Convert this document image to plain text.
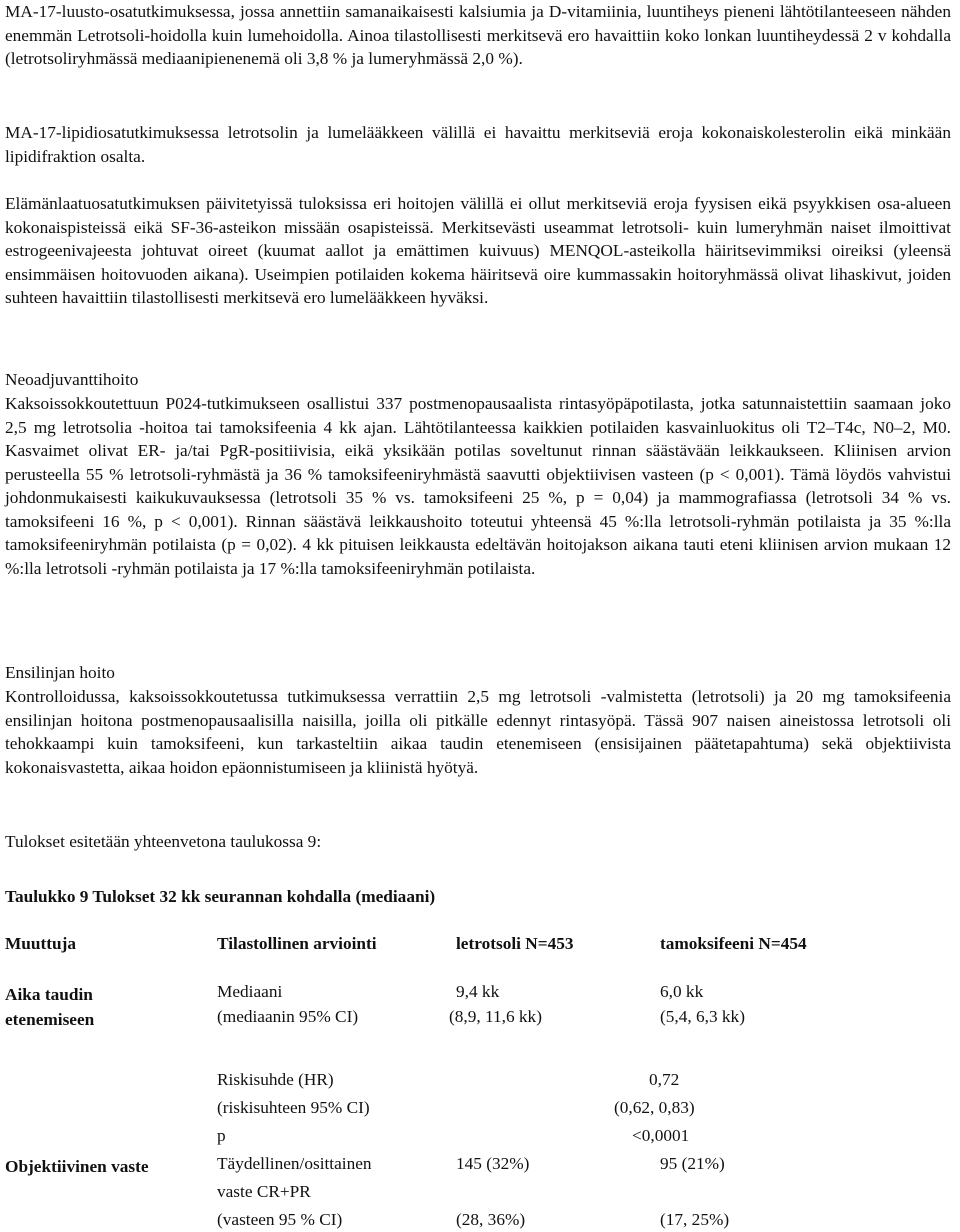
MA-17-luusto-osatutkimuksessa, jossa annettiin samanaikaisesti kalsiumia ja D-vitamiinia, luuntiheys pieneni lähtötilanteeseen nähden enemmän Letrotsoli-hoidolla kuin lumehoidolla. Ainoa tilastollisesti merkitsevä ero havaittiin koko lonkan luuntiheydessä 2 v kohdalla (letrotsoliryhmässä mediaanipienenemä oli 3,8 % ja lumeryhmässä 2,0 %).

MA-17-lipidiosatutkimuksessa letrotsolin ja lumelääkkeen välillä ei havaittu merkitseviä eroja kokonaiskolesterolin eikä minkään lipidifraktion osalta.

Elämänlaatuosatutkimuksen päivitetyissä tuloksissa eri hoitojen välillä ei ollut merkitseviä eroja fyysisen eikä psyykkisen osa-alueen kokonaispisteissä eikä SF-36-asteikon missään osapisteissä. Merkitsevästi useammat letrotsoli- kuin lumeryhmän naiset ilmoittivat estrogeenivajeesta johtuvat oireet (kuumat aallot ja emättimen kuivuus) MENQOL-asteikolla häiritsevimmiksi oireiksi (yleensä ensimmäisen hoitovuoden aikana). Useimpien potilaiden kokema häiritsevä oire kummassakin hoitoryhmässä olivat lihaskivut, joiden suhteen havaittiin tilastollisesti merkitsevä ero lumelääkkeen hyväksi.

Neoadjuvanttihoito

Kaksoissokkoutettuun P024-tutkimukseen osallistui 337 postmenopausaalista rintasyöpäpotilasta, jotka satunnaistettiin saamaan joko 2,5 mg letrotsolia -hoitoa tai tamoksifeenia 4 kk ajan. Lähtötilanteessa kaikkien potilaiden kasvainluokitus oli T2–T4c, N0–2, M0. Kasvaimet olivat ER- ja/tai PgR-positiivisia, eikä yksikään potilas soveltunut rinnan säästävään leikkaukseen. Kliinisen arvion perusteella 55 % letrotsoli-ryhmästä ja 36 % tamoksifeeniryhmästä saavutti objektiivisen vasteen (p < 0,001). Tämä löydös vahvistui johdonmukaisesti kaikukuvauksessa (letrotsoli 35 % vs. tamoksifeeni 25 %, p = 0,04) ja mammografiassa (letrotsoli 34 % vs. tamoksifeeni 16 %, p < 0,001). Rinnan säästävä leikkaushoito toteutui yhteensä 45 %:lla letrotsoli-ryhmän potilaista ja 35 %:lla tamoksifeeniryhmän potilaista (p = 0,02). 4 kk pituisen leikkausta edeltävän hoitojakson aikana tauti eteni kliinisen arvion mukaan 12 %:lla letrotsoli -ryhmän potilaista ja 17 %:lla tamoksifeeniryhmän potilaista.

Ensilinjan hoito

Kontrolloidussa, kaksoissokkoutetussa tutkimuksessa verrattiin 2,5 mg letrotsoli -valmistetta (letrotsoli) ja 20 mg tamoksifeenia ensilinjan hoitona postmenopausaalisilla naisilla, joilla oli pitkälle edennyt rintasyöpä. Tässä 907 naisen aineistossa letrotsoli oli tehokkaampi kuin tamoksifeeni, kun tarkasteltiin aikaa taudin etenemiseen (ensisijainen päätetapahtuma) sekä objektiivista kokonaisvastetta, aikaa hoidon epäonnistumiseen ja kliinistä hyötyä.

Tulokset esitetään yhteenvetona taulukossa 9:

Taulukko 9 Tulokset 32 kk seurannan kohdalla (mediaani)

Muuttuja	Tilastollinen arviointi	letrotsoli N=453	tamoksifeeni N=454
Aika taudin
etenemiseen
Mediaani	9,4 kk	6,0 kk
(mediaanin 95% CI)	(8,9, 11,6 kk)	(5,4, 6,3 kk)
Riskisuhde (HR)	0,72
(riskisuhteen 95% CI)	(0,62, 0,83)
p	<0,0001
Objektiivinen vaste	Täydellinen/osittainen	145 (32%)	95 (21%)
vaste CR+PR
(vasteen 95 % CI)	(28, 36%)	(17, 25%)
